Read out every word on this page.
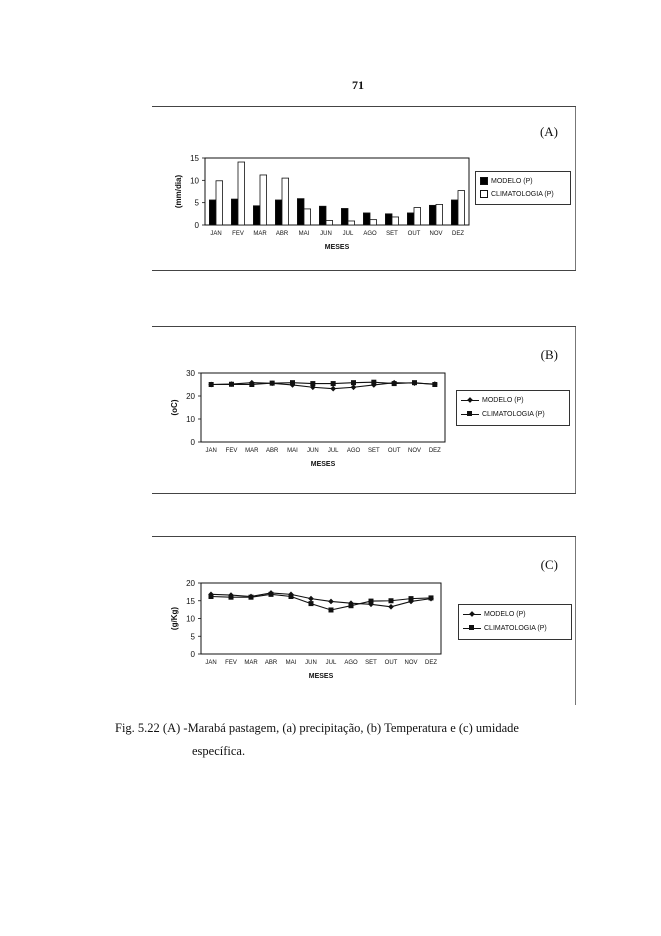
71
(A)
0
5
10
15
JAN FEV MAR ABR MAI JUN JUL AGO SET OUT NOV DEZ
MESES
(mm/dia)	MODELO (P)
CLIMATOLOGIA (P)
(B)
0
10
20
30
JAN FEV MAR ABR MAI JUN JUL AGO SET OUT NOV DEZ
MESES
(oC)	MODELO (P)
CLIMATOLOGIA (P)
(C)
0
5
10
15
20
JAN FEV MAR ABR MAI JUN JUL AGO SET OUT NOV DEZ
MESES
(g/Kg)	MODELO (P)
CLIMATOLOGIA (P)
Fig. 5.22 (A) -Marabá pastagem, (a) precipitação, (b) Temperatura e (c) umidade
específica.
